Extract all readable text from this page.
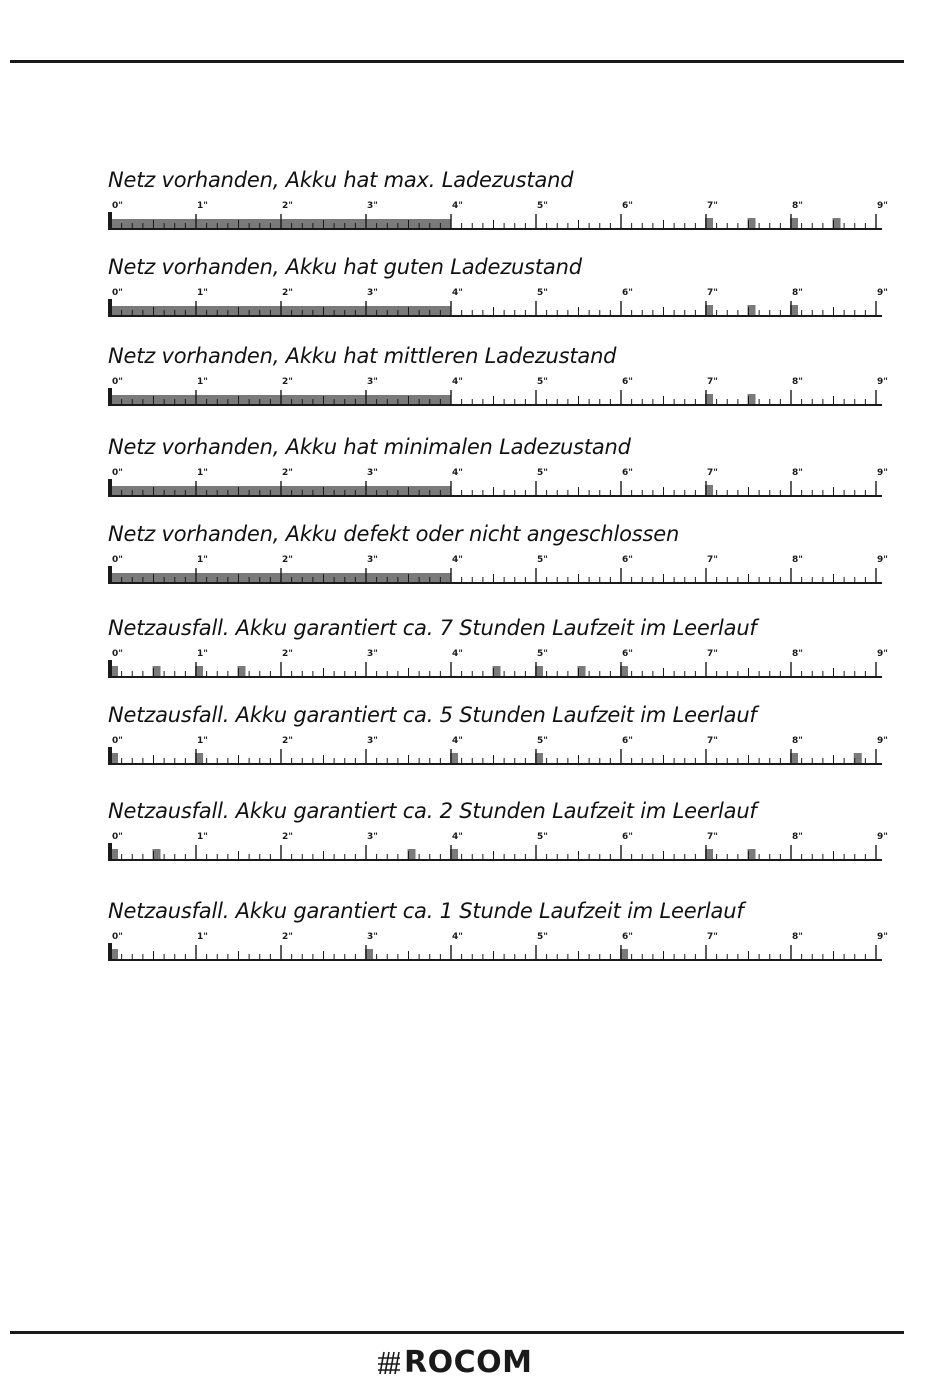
Netz vorhanden, Akku hat max. Ladezustand
0"	1"	2"	3"	4"	5"	6"	7"	8"	9"
Netz vorhanden, Akku hat guten Ladezustand
0"	1"	2"	3"	4"	5"	6"	7"	8"	9"
Netz vorhanden, Akku hat mittleren Ladezustand
0"	1"	2"	3"	4"	5"	6"	7"	8"	9"
Netz vorhanden, Akku hat minimalen Ladezustand
0"	1"	2"	3"	4"	5"	6"	7"	8"	9"
Netz vorhanden, Akku defekt oder nicht angeschlossen
0"	1"	2"	3"	4"	5"	6"	7"	8"	9"
Netzausfall. Akku garantiert ca. 7 Stunden Laufzeit im Leerlauf
0"	1"	2"	3"	4"	5"	6"	7"	8"	9"
Netzausfall. Akku garantiert ca. 5 Stunden Laufzeit im Leerlauf
0"	1"	2"	3"	4"	5"	6"	7"	8"	9"
Netzausfall. Akku garantiert ca. 2 Stunden Laufzeit im Leerlauf
0"	1"	2"	3"	4"	5"	6"	7"	8"	9"
Netzausfall. Akku garantiert ca. 1 Stunde Laufzeit im Leerlauf
0"	1"	2"	3"	4"	5"	6"	7"	8"	9"
ROCOM
